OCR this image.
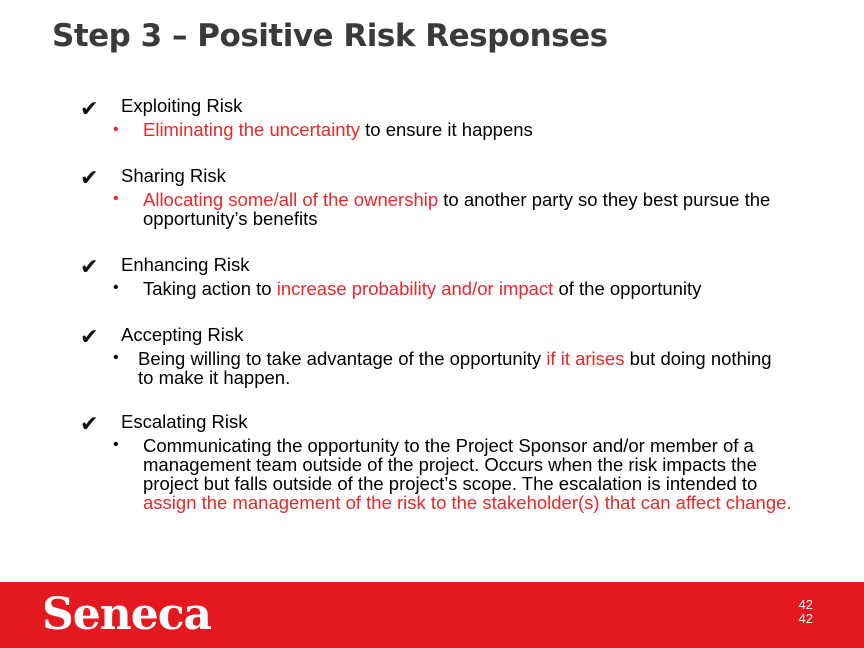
Step 3 – Positive Risk Responses
✔ Exploiting Risk
• Eliminating the uncertainty to ensure it happens
✔ Sharing Risk
• Allocating some/all of the ownership to another party so they best pursue the opportunity’s benefits
✔ Enhancing Risk
• Taking action to increase probability and/or impact of the opportunity
✔ Accepting Risk
• Being willing to take advantage of the opportunity if it arises but doing nothing to make it happen.
✔ Escalating Risk
• Communicating the opportunity to the Project Sponsor and/or member of a management team outside of the project. Occurs when the risk impacts the project but falls outside of the project’s scope. The escalation is intended to assign the management of the risk to the stakeholder(s) that can affect change.
Seneca	42
42
